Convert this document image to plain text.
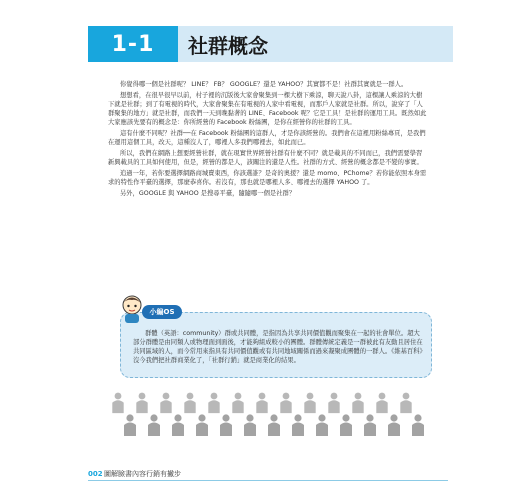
1-1	社群概念

你覺得哪一個是社群呢？ LINE？ FB？ GOOGLE？還是 YAHOO？其實都不是！社群其實就是一群人。

想想看，在很早很早以前，村子裡的沉版後大家會聚集到一棵大樹下乘涼，聊天說八卦，這棵讓人乘涼的大樹下就是社群；到了有電視的時代，大家會聚集在有電視的人家中看電視，而那戶人家就是社群。所以，說穿了「人群聚集的地方」就是社群，而我們一天到晚黏著的 LINE、Facebook 呢？它是工具！是社群的運用工具。既然如此大家應該先要有的概念是：你所經營的 Facebook 粉絲團，是你在經營你的社群的工具。

這有什麼不同呢？社群──在 Facebook 粉絲團的這群人，才是你該經營的。我們會在這裡用粉絲專頁，是我們在運用這個工具，改天，這種沒人了，哪裡人多我們哪裡去，如此而已。

所以，我們在網路上想要經營社群，就在現實世界經營社群有什麼不同？就是載具的不同而已，我們需要學習新興載具的工具如何使用，但是，經營的都是人，該關注的還是人性。社群的方式、經營的概念都是不變的事實。

追過一年，若你要選擇網路商城賣東西，你該選誰？是奇的奧援？還是 momo、PChome？若你能依照本身需求的特性作平臺的選擇，那麼恭喜你。若沒有，那也就是哪裡人多、哪裡去的選擇 YAHOO 了。

另外，GOOGLE 與 YAHOO 是搜尋平臺，隨隨哪一個是社群？

群體（英語：community）群或共同體，是指因為共享共同價值觀而聚集在一起的社會單位。超大部分群體是由同類人或物理面到面後，才能夠組成較小的團體。群體傳統定義是一群被此有友動且居住在共同區域的人，而今常用來指具有共同價值觀或有共同地域關係而過來凝聚成團體的一群人。《維基百科》沒今我們把社群商業化了，「社群行銷」就是商業化的結果。
小編OS
002 圖解臉書內容行銷有撇步
